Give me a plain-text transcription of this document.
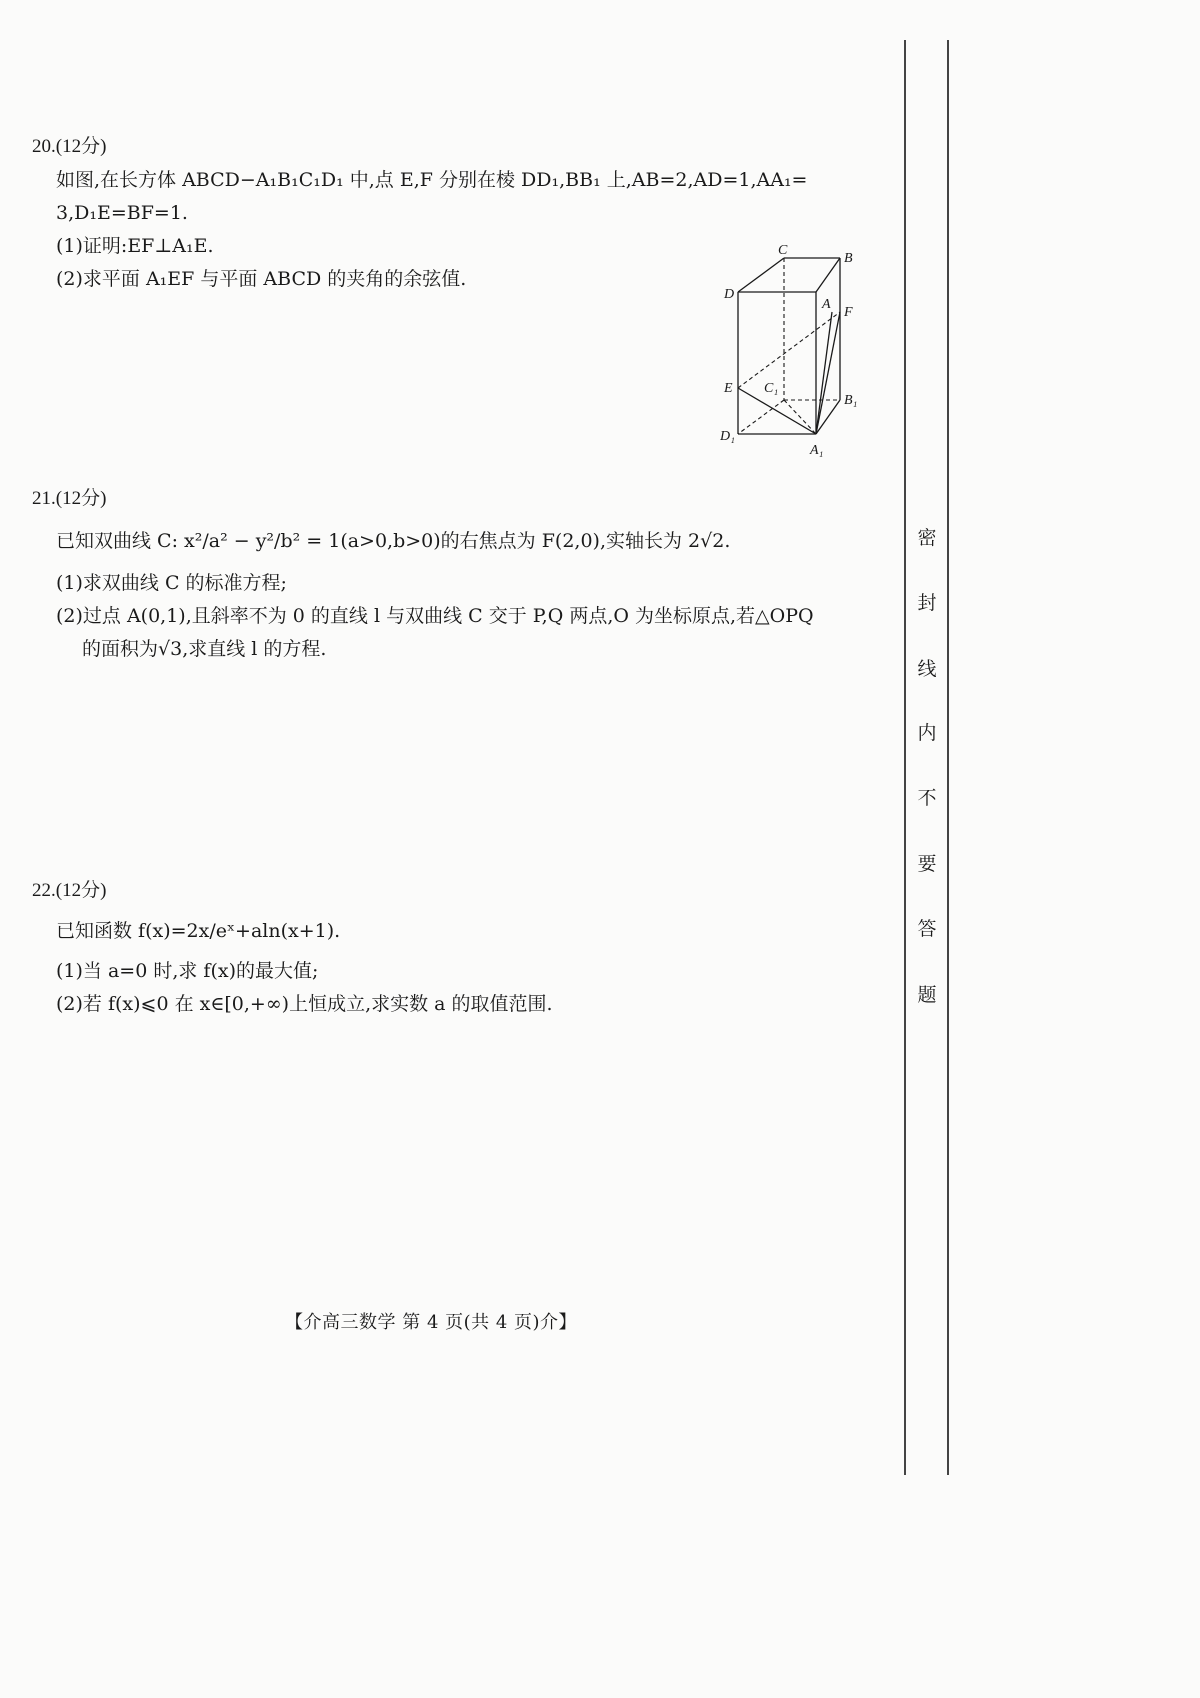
20.(12分)
如图,在长方体 ABCD−A₁B₁C₁D₁ 中,点 E,F 分别在棱 DD₁,BB₁ 上,AB=2,AD=1,AA₁=
3,D₁E=BF=1.
(1)证明:EF⊥A₁E.
(2)求平面 A₁EF 与平面 ABCD 的夹角的余弦值.
C
B
D
A
F
E C₁
B₁
D₁
A₁
21.(12分)
已知双曲线 C: x²/a² − y²/b² = 1(a>0,b>0)的右焦点为 F(2,0),实轴长为 2√2.
(1)求双曲线 C 的标准方程;
(2)过点 A(0,1),且斜率不为 0 的直线 l 与双曲线 C 交于 P,Q 两点,O 为坐标原点,若△OPQ
的面积为√3,求直线 l 的方程.
22.(12分)
已知函数 f(x)=2x/eˣ+aln(x+1).
(1)当 a=0 时,求 f(x)的最大值;
(2)若 f(x)⩽0 在 x∈[0,+∞)上恒成立,求实数 a 的取值范围.
【介高三数学 第 4 页(共 4 页)介】
密
封
线
内
不
要
答
题
